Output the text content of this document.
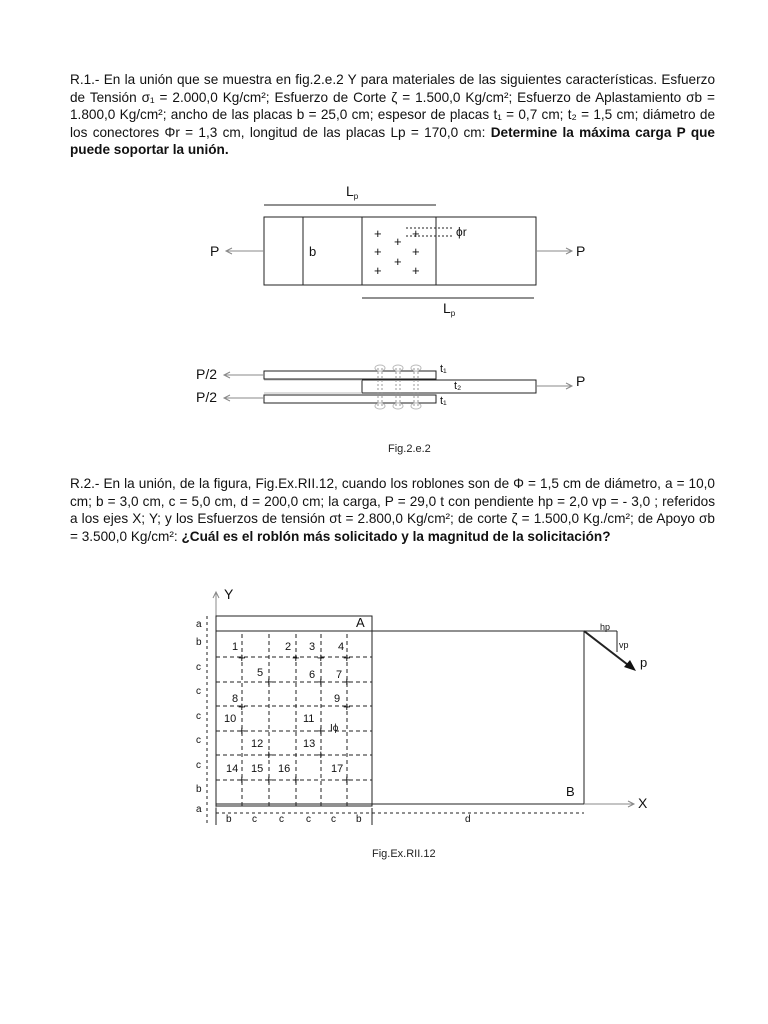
R.1.- En la unión que se muestra en fig.2.e.2 Y para materiales de las siguientes características. Esfuerzo de Tensión σ₁ = 2.000,0 Kg/cm²; Esfuerzo de Corte ζ = 1.500,0 Kg/cm²; Esfuerzo de Aplastamiento σb = 1.800,0 Kg/cm²; ancho de las placas b = 25,0 cm; espesor de placas t₁ = 0,7 cm; t₂ = 1,5 cm; diámetro de los conectores Φr = 1,3 cm, longitud de las placas Lp = 170,0 cm: Determine la máxima carga P que puede soportar la unión.

R.2.- En la unión, de la figura, Fig.Ex.RII.12, cuando los roblones son de Φ = 1,5 cm de diámetro, a = 10,0 cm; b = 3,0 cm, c = 5,0 cm, d = 200,0 cm; la carga, P = 29,0 t con pendiente hp = 2,0 vp = - 3,0 ; referidos a los ejes X; Y; y los Esfuerzos de tensión σt = 2.800,0 Kg/cm²; de corte ζ = 1.500,0 Kg./cm²; de Apoyo σb = 3.500,0 Kg/cm²: ¿Cuál es el roblón más solicitado y la magnitud de la solicitación?

+
+
+
+ +
+
+ +
$L_p$
$L_p$
P	P
b
ϕr
P/2
P/2
P
t₁
t₂
t₁
+	+ + +
+	+ +
+	+
+	+
+	+
+ + +	+
1	2 3 4
5	6 7
8	9
10	11
12	13
14 15 16	17
a
b
c
c
c
c
c
b
a
b c c c c b
Y
X
A
B
p
hp
vp
Iϕ
d
Fig.2.e.2
Fig.Ex.RII.12
